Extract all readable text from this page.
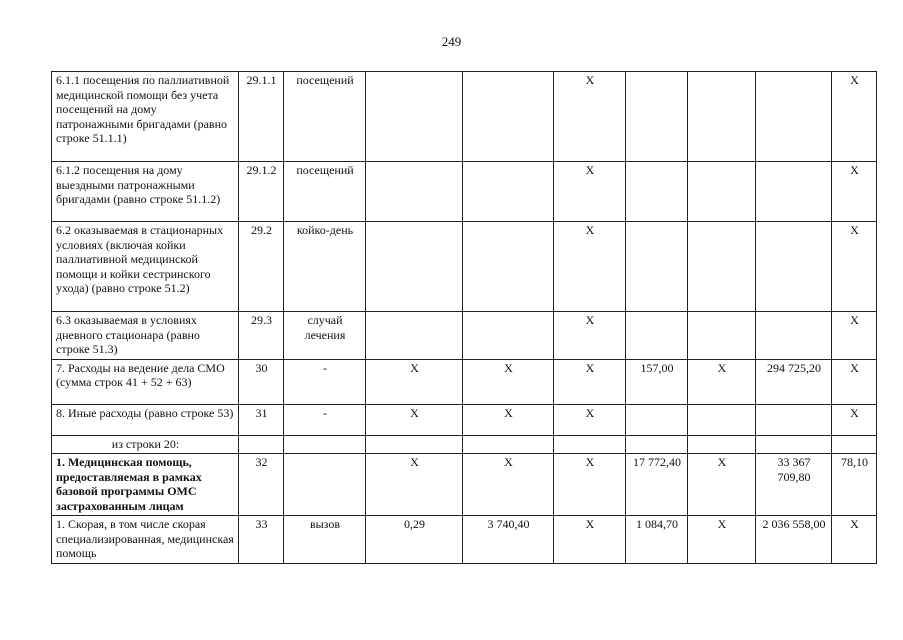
249
6.1.1 посещения по паллиативной медицинской помощи без учета посещений на дому патронажными бригадами (равно строке 51.1.1)	29.1.1	посещений			X				X
6.1.2 посещения на дому выездными патронажными бригадами (равно строке 51.1.2)	29.1.2	посещений			X				X
6.2 оказываемая в стационарных условиях (включая койки паллиативной медицинской помощи и койки сестринского ухода) (равно строке 51.2)	29.2	койко-день			X				X
6.3 оказываемая в условиях дневного стационара (равно строке 51.3)	29.3	случай лечения			X				X
7. Расходы на ведение дела СМО (сумма строк 41 + 52 + 63)	30	-	X	X	X	157,00	X	294 725,20	X
8. Иные расходы (равно строке 53)	31	-	X	X	X				X
из строки 20:									
1. Медицинская помощь, предоставляемая в рамках базовой программы ОМС застрахованным лицам	32		X	X	X	17 772,40	X	33 367 709,80	78,10
1. Скорая, в том числе скорая специализированная, медицинская помощь	33	вызов	0,29	3 740,40	X	1 084,70	X	2 036 558,00	X
